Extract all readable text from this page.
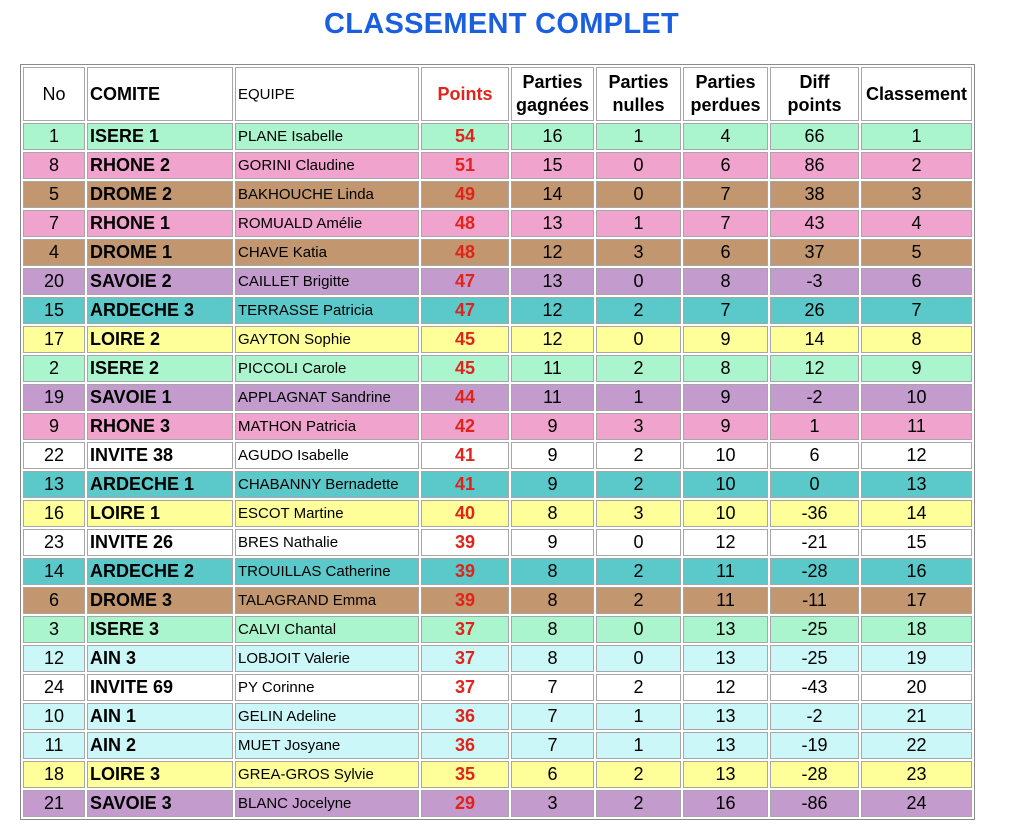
CLASSEMENT COMPLET
No	COMITE	EQUIPE	Points	Parties gagnées	Parties nulles	Parties perdues	Diff points	Classement
1	ISERE 1	PLANE Isabelle	54	16	1	4	66	1
8	RHONE 2	GORINI Claudine	51	15	0	6	86	2
5	DROME 2	BAKHOUCHE Linda	49	14	0	7	38	3
7	RHONE 1	ROMUALD Amélie	48	13	1	7	43	4
4	DROME 1	CHAVE Katia	48	12	3	6	37	5
20	SAVOIE 2	CAILLET Brigitte	47	13	0	8	-3	6
15	ARDECHE 3	TERRASSE Patricia	47	12	2	7	26	7
17	LOIRE 2	GAYTON Sophie	45	12	0	9	14	8
2	ISERE 2	PICCOLI Carole	45	11	2	8	12	9
19	SAVOIE 1	APPLAGNAT Sandrine	44	11	1	9	-2	10
9	RHONE 3	MATHON Patricia	42	9	3	9	1	11
22	INVITE 38	AGUDO Isabelle	41	9	2	10	6	12
13	ARDECHE 1	CHABANNY Bernadette	41	9	2	10	0	13
16	LOIRE 1	ESCOT Martine	40	8	3	10	-36	14
23	INVITE 26	BRES Nathalie	39	9	0	12	-21	15
14	ARDECHE 2	TROUILLAS Catherine	39	8	2	11	-28	16
6	DROME 3	TALAGRAND Emma	39	8	2	11	-11	17
3	ISERE 3	CALVI Chantal	37	8	0	13	-25	18
12	AIN 3	LOBJOIT Valerie	37	8	0	13	-25	19
24	INVITE 69	PY Corinne	37	7	2	12	-43	20
10	AIN 1	GELIN Adeline	36	7	1	13	-2	21
11	AIN 2	MUET Josyane	36	7	1	13	-19	22
18	LOIRE 3	GREA-GROS Sylvie	35	6	2	13	-28	23
21	SAVOIE 3	BLANC Jocelyne	29	3	2	16	-86	24
